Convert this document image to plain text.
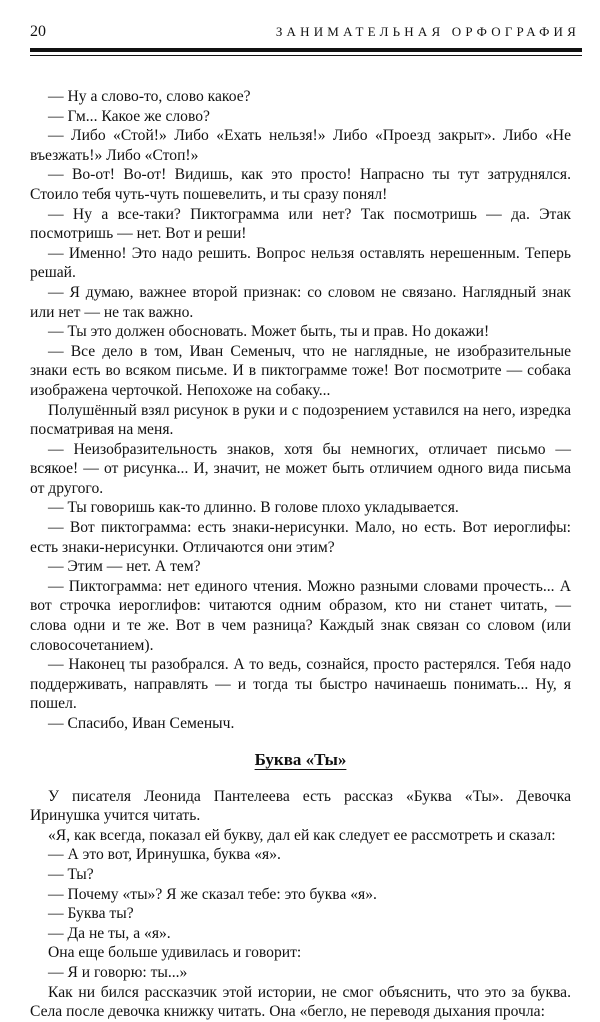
20	ЗАНИМАТЕЛЬНАЯ ОРФОГРАФИЯ

— Ну а слово-то, слово какое?

— Гм... Какое же слово?

— Либо «Стой!» Либо «Ехать нельзя!» Либо «Проезд закрыт». Либо «Не въезжать!» Либо «Стоп!»

— Во-от! Во-от! Видишь, как это просто! Напрасно ты тут затруднялся. Стоило тебя чуть-чуть пошевелить, и ты сразу понял!

— Ну а все-таки? Пиктограмма или нет? Так посмотришь — да. Этак посмотришь — нет. Вот и реши!

— Именно! Это надо решить. Вопрос нельзя оставлять нерешенным. Теперь решай.

— Я думаю, важнее второй признак: со словом не связано. Наглядный знак или нет — не так важно.

— Ты это должен обосновать. Может быть, ты и прав. Но докажи!

— Все дело в том, Иван Семеныч, что не наглядные, не изобразительные знаки есть во всяком письме. И в пиктограмме тоже! Вот посмотрите — собака изображена черточкой. Непохоже на собаку...

Полушённый взял рисунок в руки и с подозрением уставился на него, изредка посматривая на меня.

— Неизобразительность знаков, хотя бы немногих, отличает письмо — всякое! — от рисунка... И, значит, не может быть отличием одного вида письма от другого.

— Ты говоришь как-то длинно. В голове плохо укладывается.

— Вот пиктограмма: есть знаки-нерисунки. Мало, но есть. Вот иероглифы: есть знаки-нерисунки. Отличаются они этим?

— Этим — нет. А тем?

— Пиктограмма: нет единого чтения. Можно разными словами прочесть... А вот строчка иероглифов: читаются одним образом, кто ни станет читать, — слова одни и те же. Вот в чем разница? Каждый знак связан со словом (или словосочетанием).

— Наконец ты разобрался. А то ведь, сознайся, просто растерялся. Тебя надо поддерживать, направлять — и тогда ты быстро начинаешь понимать... Ну, я пошел.

— Спасибо, Иван Семеныч.

Буква «Ты»

У писателя Леонида Пантелеева есть рассказ «Буква «Ты». Девочка Иринушка учится читать.

«Я, как всегда, показал ей букву, дал ей как следует ее рассмотреть и сказал:

— А это вот, Иринушка, буква «я».

— Ты?

— Почему «ты»? Я же сказал тебе: это буква «я».

— Буква ты?

— Да не ты, а «я».

Она еще больше удивилась и говорит:

— Я и говорю: ты...»

Как ни бился рассказчик этой истории, не смог объяснить, что это за буква. Села после девочка книжку читать. Она «бегло, не переводя дыхания прочла:
